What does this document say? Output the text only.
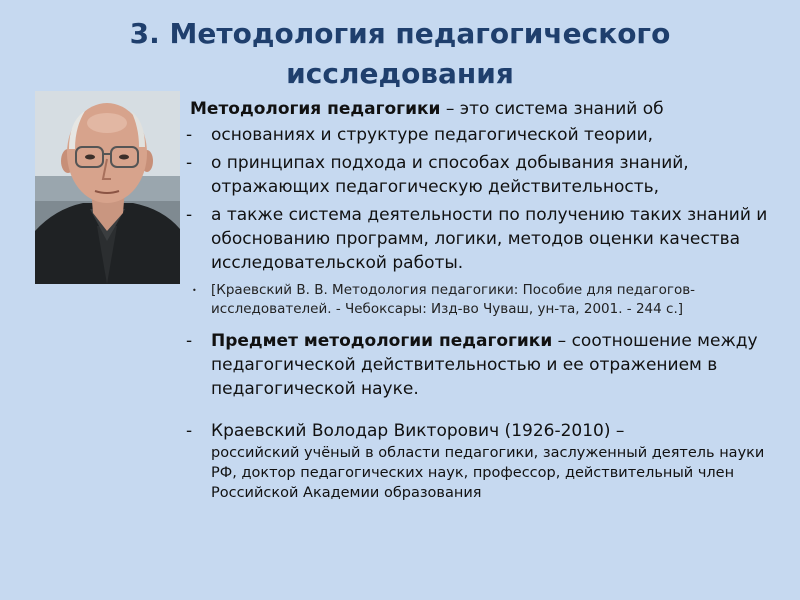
3. Методология педагогического
исследования

Методология педагогики – это система знаний об

- основаниях и структуре педагогической теории,
- о принципах подхода и способах добывания знаний, отражающих педагогическую действительность,
- а также система деятельности по получению таких знаний и обоснованию программ, логики, методов оценки качества исследовательской работы.
• [Краевский В. В. Методология педагогики: Пособие для педагогов-исследователей. - Чебоксары: Изд-во Чуваш, ун-та, 2001. - 244 с.]
- Предмет методологии педагогики – соотношение между педагогической действительностью и ее отражением в педагогической науке.
- Краевский Володар Викторович (1926-2010) –
российский учёный в области педагогики, заслуженный деятель науки РФ, доктор педагогических наук, профессор, действительный член Российской Академии образования
